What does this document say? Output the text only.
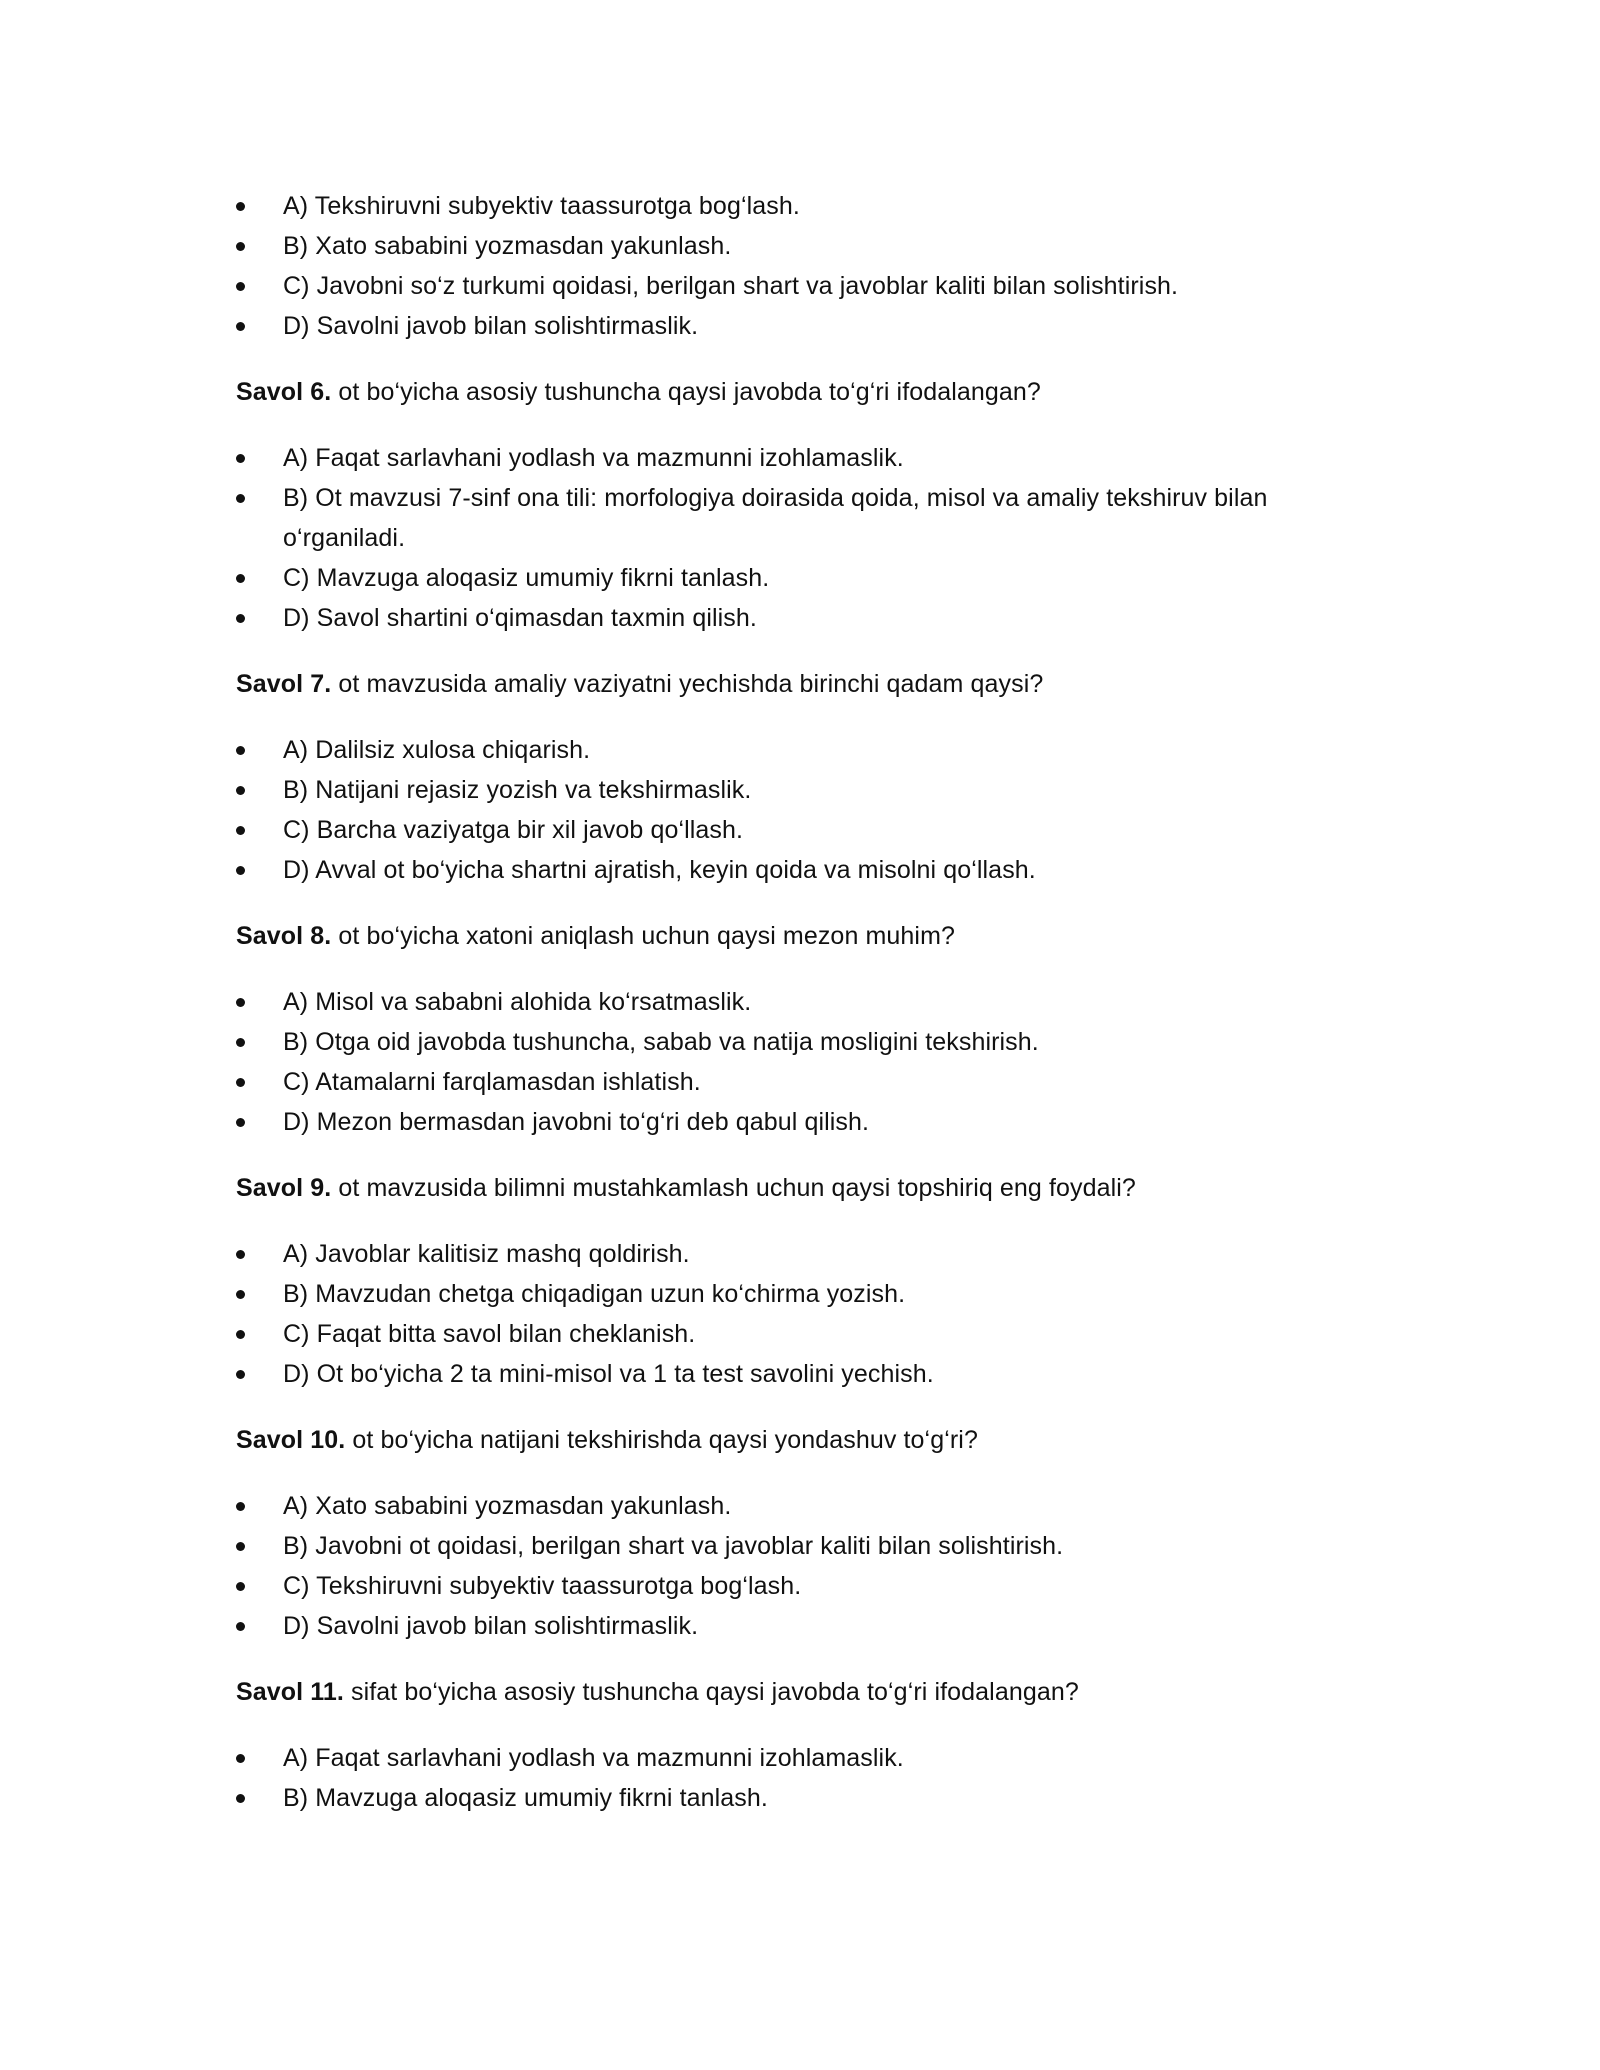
A) Tekshiruvni subyektiv taassurotga bog‘lash.
B) Xato sababini yozmasdan yakunlash.
C) Javobni so‘z turkumi qoidasi, berilgan shart va javoblar kaliti bilan solishtirish.
D) Savolni javob bilan solishtirmaslik.

Savol 6. ot bo‘yicha asosiy tushuncha qaysi javobda to‘g‘ri ifodalangan?

A) Faqat sarlavhani yodlash va mazmunni izohlamaslik.
B) Ot mavzusi 7-sinf ona tili: morfologiya doirasida qoida, misol va amaliy tekshiruv bilan o‘rganiladi.
C) Mavzuga aloqasiz umumiy fikrni tanlash.
D) Savol shartini o‘qimasdan taxmin qilish.

Savol 7. ot mavzusida amaliy vaziyatni yechishda birinchi qadam qaysi?

A) Dalilsiz xulosa chiqarish.
B) Natijani rejasiz yozish va tekshirmaslik.
C) Barcha vaziyatga bir xil javob qo‘llash.
D) Avval ot bo‘yicha shartni ajratish, keyin qoida va misolni qo‘llash.

Savol 8. ot bo‘yicha xatoni aniqlash uchun qaysi mezon muhim?

A) Misol va sababni alohida ko‘rsatmaslik.
B) Otga oid javobda tushuncha, sabab va natija mosligini tekshirish.
C) Atamalarni farqlamasdan ishlatish.
D) Mezon bermasdan javobni to‘g‘ri deb qabul qilish.

Savol 9. ot mavzusida bilimni mustahkamlash uchun qaysi topshiriq eng foydali?

A) Javoblar kalitisiz mashq qoldirish.
B) Mavzudan chetga chiqadigan uzun ko‘chirma yozish.
C) Faqat bitta savol bilan cheklanish.
D) Ot bo‘yicha 2 ta mini-misol va 1 ta test savolini yechish.

Savol 10. ot bo‘yicha natijani tekshirishda qaysi yondashuv to‘g‘ri?

A) Xato sababini yozmasdan yakunlash.
B) Javobni ot qoidasi, berilgan shart va javoblar kaliti bilan solishtirish.
C) Tekshiruvni subyektiv taassurotga bog‘lash.
D) Savolni javob bilan solishtirmaslik.

Savol 11. sifat bo‘yicha asosiy tushuncha qaysi javobda to‘g‘ri ifodalangan?

A) Faqat sarlavhani yodlash va mazmunni izohlamaslik.
B) Mavzuga aloqasiz umumiy fikrni tanlash.
